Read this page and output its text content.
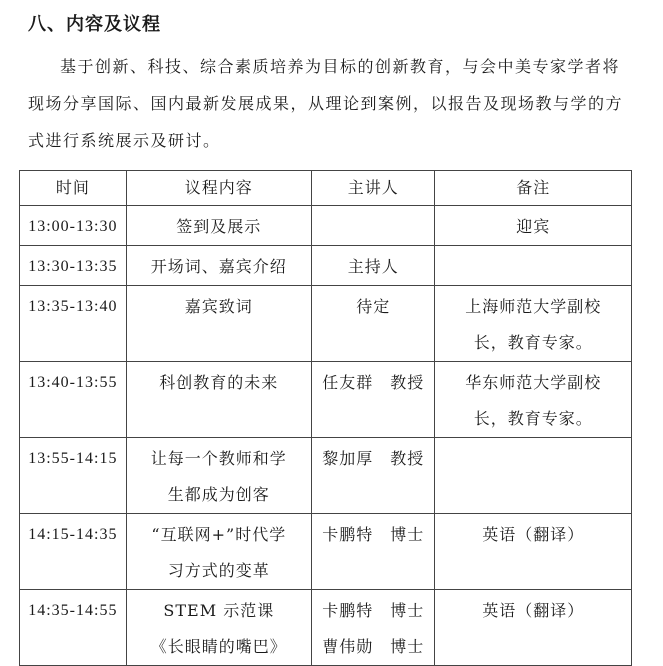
八、内容及议程

基于创新、科技、综合素质培养为目标的创新教育，与会中美专家学者将现场分享国际、国内最新发展成果，从理论到案例，以报告及现场教与学的方式进行系统展示及研讨。

时间	议程内容	主讲人	备注
13:00-13:30	签到及展示		迎宾

13:30-13:35	开场词、嘉宾介绍	主持人	

13:35-13:40	嘉宾致词	待定	上海师范大学副校
长，教育专家。

13:40-13:55	科创教育的未来	任友群　教授	华东师范大学副校
长，教育专家。

13:55-14:15	让每一个教师和学
生都成为创客	黎加厚　教授	

14:15-14:35	“互联网+”时代学
习方式的变革	卡鹏特　博士	英语（翻译）

14:35-14:55	STEM 示范课
《长眼睛的嘴巴》	卡鹏特　博士
曹伟勋　博士	英语（翻译）
